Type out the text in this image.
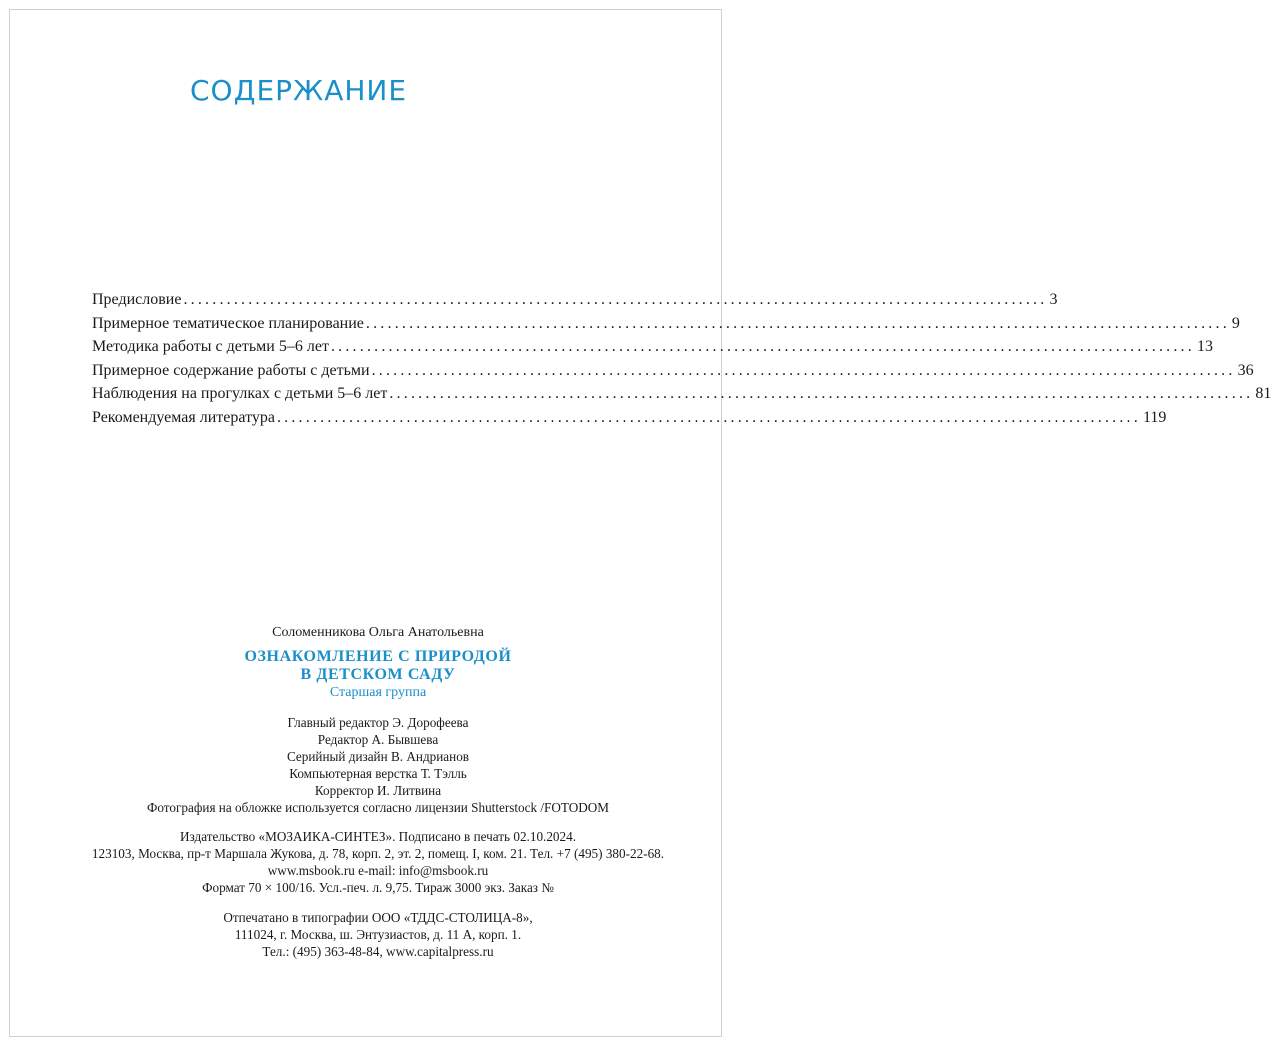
СОДЕРЖАНИЕ
Предисловие ........................................................................................................................ 3
Примерное тематическое планирование ........................................................................................................................ 9
Методика работы с детьми 5–6 лет ........................................................................................................................ 13
Примерное содержание работы с детьми ........................................................................................................................ 36
Наблюдения на прогулках с детьми 5–6 лет ........................................................................................................................ 81
Рекомендуемая литература ........................................................................................................................ 119

Соломенникова Ольга Анатольевна

ОЗНАКОМЛЕНИЕ С ПРИРОДОЙ

В ДЕТСКОМ САДУ

Старшая группа

Главный редактор Э. Дорофеева

Редактор А. Бывшева

Серийный дизайн В. Андрианов

Компьютерная верстка Т. Тэлль

Корректор И. Литвина

Фотография на обложке используется согласно лицензии Shutterstock /FOTODOM

Издательство «МОЗАИКА-СИНТЕЗ». Подписано в печать 02.10.2024.

123103, Москва, пр-т Маршала Жукова, д. 78, корп. 2, эт. 2, помещ. I, ком. 21. Тел. +7 (495) 380-22-68.

www.msbook.ru e-mail: info@msbook.ru

Формат 70 × 100/16. Усл.-печ. л. 9,75. Тираж 3000 экз. Заказ №

Отпечатано в типографии ООО «ТДДС-СТОЛИЦА-8»,

111024, г. Москва, ш. Энтузиастов, д. 11 А, корп. 1.

Тел.: (495) 363-48-84, www.capitalpress.ru
